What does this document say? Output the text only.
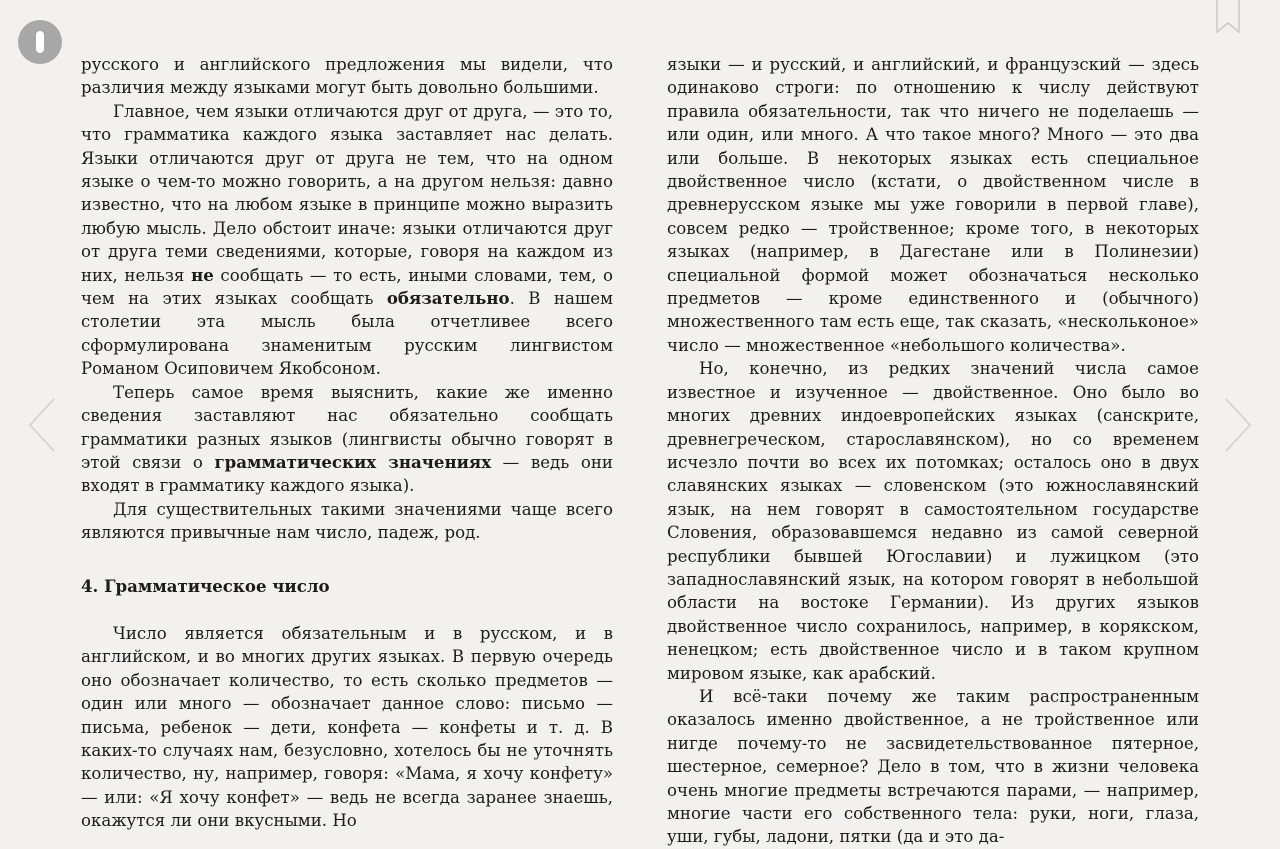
русского и английского предложения мы видели, что различия между языками могут быть довольно большими.

Главное, чем языки отличаются друг от друга, — это то, что грамматика каждого языка заставляет нас делать. Языки отличаются друг от друга не тем, что на одном языке о чем-то можно говорить, а на другом нельзя: давно известно, что на любом языке в принципе можно выразить любую мысль. Дело обстоит иначе: языки отличаются друг от друга теми сведениями, которые, говоря на каждом из них, нельзя не сообщать — то есть, иными словами, тем, о чем на этих языках сообщать обязательно. В нашем столетии эта мысль была отчетливее всего сформулирована знаменитым русским лингвистом Романом Осиповичем Якобсоном.

Теперь самое время выяснить, какие же именно сведения заставляют нас обязательно сообщать грамматики разных языков (лингвисты обычно говорят в этой связи о грамматических значениях — ведь они входят в грамматику каждого языка).

Для существительных такими значениями чаще всего являются привычные нам число, падеж, род.

4. Грамматическое число

Число является обязательным и в русском, и в английском, и во многих других языках. В первую очередь оно обозначает количество, то есть сколько предметов — один или много — обозначает данное слово: письмо — письма, ребенок — дети, конфета — конфеты и т. д. В каких-то случаях нам, безусловно, хотелось бы не уточнять количество, ну, например, говоря: «Мама, я хочу конфету» — или: «Я хочу конфет» — ведь не всегда заранее знаешь, окажутся ли они вкусными. Но

языки — и русский, и английский, и французский — здесь одинаково строги: по отношению к числу действуют правила обязательности, так что ничего не поделаешь — или один, или много. А что такое много? Много — это два или больше. В некоторых языках есть специальное двойственное число (кстати, о двойственном числе в древнерусском языке мы уже говорили в первой главе), совсем редко — тройственное; кроме того, в некоторых языках (например, в Дагестане или в Полинезии) специальной формой может обозначаться несколько предметов — кроме единственного и (обычного) множественного там есть еще, так сказать, «нескольконое» число — множественное «небольшого количества».

Но, конечно, из редких значений числа самое известное и изученное — двойственное. Оно было во многих древних индоевропейских языках (санскрите, древнегреческом, старославянском), но со временем исчезло почти во всех их потомках; осталось оно в двух славянских языках — словенском (это южнославянский язык, на нем говорят в самостоятельном государстве Словения, образовавшемся недавно из самой северной республики бывшей Югославии) и лужицком (это западнославянский язык, на котором говорят в небольшой области на востоке Германии). Из других языков двойственное число сохранилось, например, в корякском, ненецком; есть двойственное число и в таком крупном мировом языке, как арабский.

И всё-таки почему же таким распространенным оказалось именно двойственное, а не тройственное или нигде почему-то не засвидетельствованное пятерное, шестерное, семерное? Дело в том, что в жизни человека очень многие предметы встречаются парами, — например, многие части его собственного тела: руки, ноги, глаза, уши, губы, ладони, пятки (да и это да-
